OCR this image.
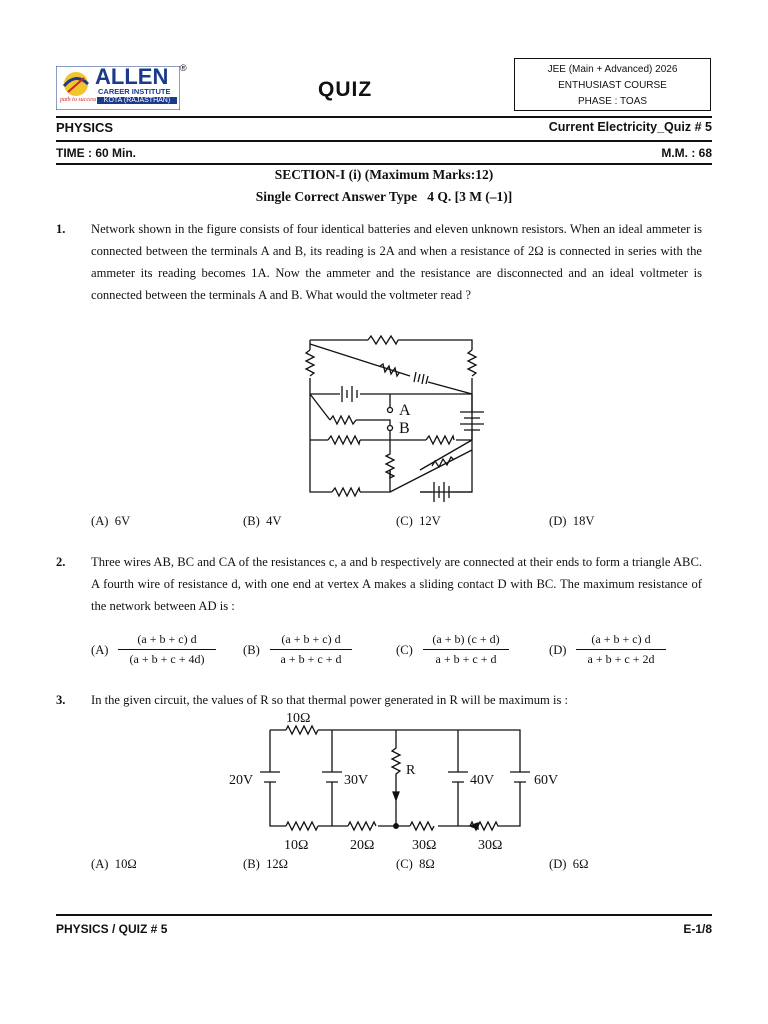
ALLEN
CAREER INSTITUTE
KOTA (RAJASTHAN)
path to success
®
QUIZ
JEE (Main + Advanced) 2026
ENTHUSIAST COURSE
PHASE : TOAS
PHYSICS	Current Electricity_Quiz # 5
TIME : 60 Min.	M.M. : 68
SECTION-I (i) (Maximum Marks:12)
Single Correct Answer Type   4 Q. [3 M (–1)]
1. Network shown in the figure consists of four identical batteries and eleven unknown resistors. When an ideal ammeter is connected between the terminals A and B, its reading is 2A and when a resistance of 2Ω is connected in series with the ammeter its reading becomes 1A. Now the ammeter and the resistance are disconnected and an ideal voltmeter is connected between the terminals A and B. What would the voltmeter read ?
A
B
(A)  6V	(B)  4V	(C)  12V	(D)  18V
2. Three wires AB, BC and CA of the resistances c, a and b respectively are connected at their ends to form a triangle ABC. A fourth wire of resistance d, with one end at vertex A makes a sliding contact D with BC. The maximum resistance of the network between AD is :
$(A) \frac{(a + b + c) d}{(a + b + c + 4d)} (B) \frac{(a + b + c) d}{a + b + c + d}$	$(C) \frac{(a + b) (c + d)}{a + b + c + d}$	$(D) \frac{(a + b + c) d}{a + b + c + 2d}$
3. In the given circuit, the values of R so that thermal power generated in R will be maximum is :
10Ω
20V	30V
R
40V	60V
10Ω	20Ω	30Ω	30Ω
(A)  10Ω	(B)  12Ω	(C)  8Ω	(D)  6Ω
PHYSICS / QUIZ # 5	E-1/8
